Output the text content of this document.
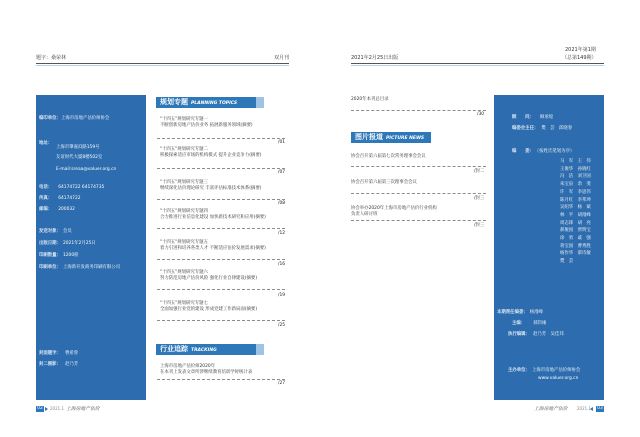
题字：桑荣林	双月刊	2021年2月25日出版
2021年第1期
（总第149期）
编印单位：上海市房地产估价师协会
地址：
上海市肇嘉浜路159号
友谊时代大厦8楼502室
E-mail:sreaa@valuer.org.cn
电话： 64174722 64174735
传真： 64174722
邮编： 200032
发送对象： 会员
出版日期： 2021年2月25日
印刷数量： 1200册
印刷单位： 上海新开发商务印刷有限公司
封面题字： 曹希曾
封二摄影： 赵乃芳
规划专题 PLANNING TOPICS
"十四五"规划研究专题一
不断创新房地产估价业务 拓展新服务领域(摘要)
/01
"十四五"规划研究专题二
积极探索适应市场的机构模式 提升企业竞争力(摘要)
/07
"十四五"规划研究专题三
继续深化估价理论研究 丰富评估标准技术体系(摘要)
/08
"十四五"规划研究专题四
合力推进行业信息化建设 加快新技术研究和应用(摘要)
/12
"十四五"规划研究专题五
着力引进和培养各类人才 不断适应估价发展需求(摘要)
/16
"十四五"规划研究专题六
努力防范房地产估价风险 强化行业自律建设(摘要)
/19
"十四五"规划研究专题七
全面加强行业党的建设 形成党建工作新局面(摘要)
/25
行业追踪 TRACKING
上海市房地产估价师2020年
在本刊上发表文章所涉继续教育培训学时统计表
/27
2020年本刊总目录
/30
图片报道 PICTURE NEWS
协会召开第六届第七次常务理事会会议
/封二
协会召开第六届第三次理事会会议
/封三
协会举办2020年上海市房地产估价行业机构
负责人研讨班
/封三
顾　　问： 顾承煌
编委会主任： 樊　芸　邱晓春
编　　委： （按姓氏笔划为序）
马　军　王　伟
王俊华　孙晓红
冯　洁　刘卫国
朱宝泉　余　斐
许　军　李思伟
陈月红　李邦坤
吴绍华　杨　斌
林　平　胡漫峰
周志锋　胡　亮
郝俊国　贾明宝
徐　勇　戚　强
蒋宝国　曹秀胜
杨作华　蔡诗敏
樊　芸
本期责任编委： 杨漫峰
主编： 郝钧缘
执行编辑： 赵乃芳　吴佳玮
主办单位： 上海市房地产估价师协会
www.valuer.org.cn
02 2021.1 上海房地产估价	上海房地产估价 2021.1 03
